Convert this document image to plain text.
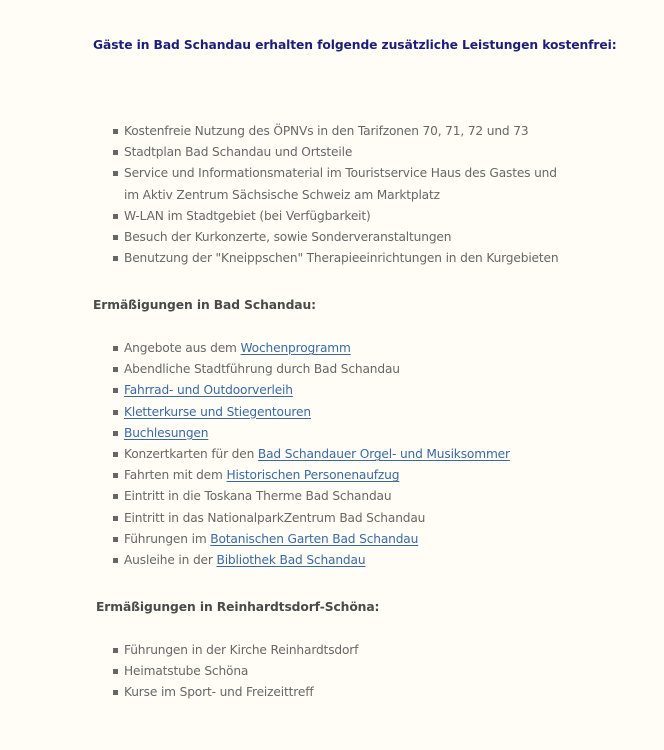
Gäste in Bad Schandau erhalten folgende zusätzliche Leistungen kostenfrei:
Kostenfreie Nutzung des ÖPNVs in den Tarifzonen 70, 71, 72 und 73
Stadtplan Bad Schandau und Ortsteile
Service und Informationsmaterial im Touristservice Haus des Gastes und im Aktiv Zentrum Sächsische Schweiz am Marktplatz
W-LAN im Stadtgebiet (bei Verfügbarkeit)
Besuch der Kurkonzerte, sowie Sonderveranstaltungen
Benutzung der "Kneippschen" Therapieeinrichtungen in den Kurgebieten
Ermäßigungen in Bad Schandau:
Angebote aus dem Wochenprogramm
Abendliche Stadtführung durch Bad Schandau
Fahrrad- und Outdoorverleih
Kletterkurse und Stiegentouren
Buchlesungen
Konzertkarten für den Bad Schandauer Orgel- und Musiksommer
Fahrten mit dem Historischen Personenaufzug
Eintritt in die Toskana Therme Bad Schandau
Eintritt in das NationalparkZentrum Bad Schandau
Führungen im Botanischen Garten Bad Schandau
Ausleihe in der Bibliothek Bad Schandau
Ermäßigungen in Reinhardtsdorf-Schöna:
Führungen in der Kirche Reinhardtsdorf
Heimatstube Schöna
Kurse im Sport- und Freizeittreff
